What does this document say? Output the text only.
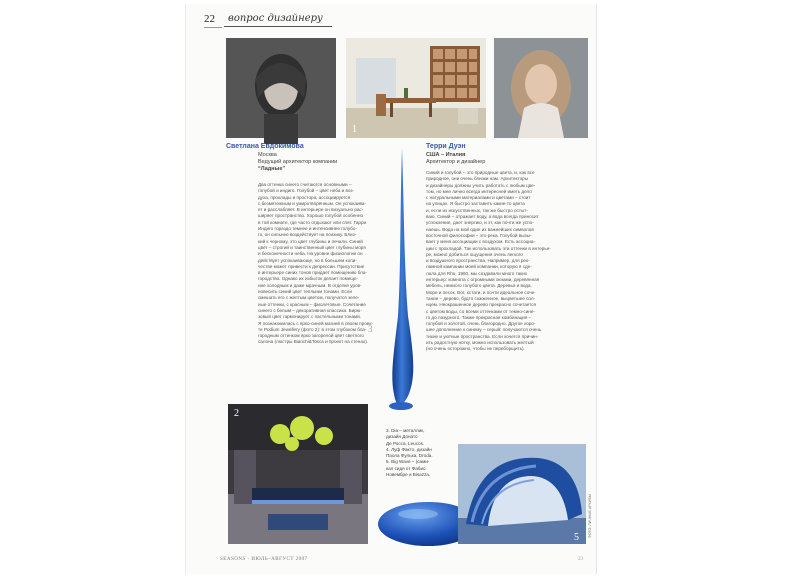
22 вопрос дизайнеру
1
Светлана Евдокимова
Москва
Ведущий архитектор компании
“Ладные”
Два оттенка синего считаются основными –
голубой и индиго. Голубой – цвет неба и воз-
духа, прохлады и простора, ассоциируется
с безмятежным и умиротворённым. Он успокаива-
ет и расслабляет. В интерьере он визуально рас-
ширяет пространство. Хорошо голубой особенно
в той комнате, где часто отдыхают или спят. Гарри
Индиго гораздо темнее и интенсивнее голубо-
го, он сильнее воздействует на психику. Близ-
кий к черному, это цвет глубины и печали. Синий
цвет – строгий и таинственный цвет глубины моря
и бесконечности неба. На уровне физиологии он
действует успокаивающе, но в большем коли-
честве может привести к депрессии. Присутствие
в интерьере синих тонов придает помещению бла-
городство. Однако их избыток делает помеще-
ние холодным и даже мрачным. В отделке уров-
новесить синий цвет теплыми тонами. Если
смешать его с желтым цветом, получатся зеле-
ные оттенки, с красным – фиолетовые. Сочетание
синего с белым – декоративная классика. Бирю-
зовый цвет гармонирует с пастельными тонами.
Я познакомилась с ярко-синей магией в своем проек-
те Podium Jewellery (фото 2): в этом глубоком бла-
городным оттенком ярко загорелой цвет светлого
салона (люстры Bianchi&Tosca и проект на стенах).
3
Терри Дуэн
США – Италия
Архитектор и дизайнер
Синий и голубой – это природные цвета, и, как все
природное, они очень близки нам. Архитекторы
и дизайнеры должны учить работать с любым цве-
том, но мне лично всегда интересней иметь дело
с натуральными материалами и цветами – стоит
на улицах. Я быстро заставить какие-то цвета
и, если из искусственных, так же быстро остыт-
ваю. Синий – отражает воду, а вода всегда приносит
успокоение, дает энергию, и эт, как почти же успо-
наешь. Вода на мой один из важнейших символов
восточной философии – это река. Голубой вызы-
вает у меня ассоциации с воздухом. Есть ассоциа-
ции с прохладой. Так использовать эти оттенки в интерье-
ре, можно добиться ощущения очень легкого
и воздушного пространства. Например, для рек-
ламной кампании моей компании, которую я сде-
лала для Rho, 1960, мы создавали много таких
интерьер: комната с огромными окнами, деревянная
мебель, немного голубого цвета. Деревья и вода.
Море и песок. Вот, кстати, и почти идеальное соче-
тание – дерево, будто сожженное, выцветшее сол-
нцем. Неокрашенное дерево прекрасно сочетается
с цветом воды, со всеми оттенками от темно-сине-
го до лазурного. Также прекрасная комбинация –
голубой и золотой, очень благородно. Другое хоро-
шее дополнение к синему – серый: получаются очень
тихие и уютные пространства. Если хочется причин-
ить радостную нотку, можно использовать желтый
(но очень осторожно, чтобы не переборщить).
2
3. Dia – металлик,
дизайн Донато
Де Росса, Leucos.
4. Луф Факто, дизайн
Паола Фулька, Droda.
5. Big Wave – (сами-
кал сидя от Фабио
Новембре и Bisazza.
4	5	ФОТО: ЛИЧНЫЕ АРХИВЫ
SEASONS · ИЮЛЬ–АВГУСТ 2007	23
